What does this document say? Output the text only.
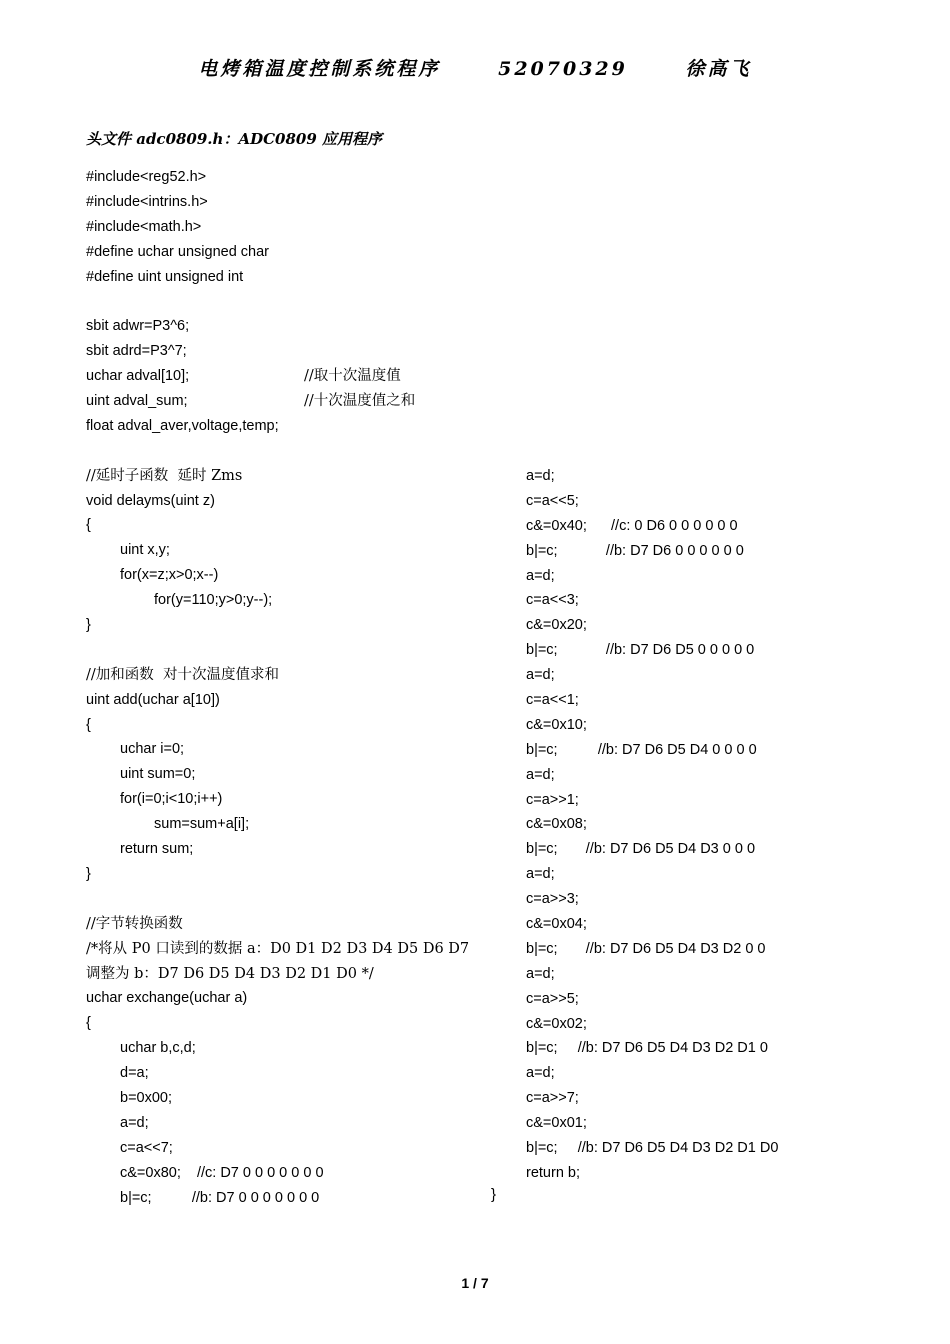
电烤箱温度控制系统程序      52070329      徐高飞
头文件 adc0809.h：ADC0809 应用程序
#include<reg52.h>
#include<intrins.h>
#include<math.h>
#define uchar unsigned char
#define uint unsigned int
sbit adwr=P3^6;
sbit adrd=P3^7;
uchar adval[10];	//取十次温度值
uint adval_sum;	//十次温度值之和
float adval_aver,voltage,temp;
//延时子函数  延时 Zms
void delayms(uint z)
{
uint x,y;
for(x=z;x>0;x--)
for(y=110;y>0;y--);
}
//加和函数  对十次温度值求和
uint add(uchar a[10])
{
uchar i=0;
uint sum=0;
for(i=0;i<10;i++)
sum=sum+a[i];
return sum;
}
//字节转换函数
/*将从 P0 口读到的数据 a：D0 D1 D2 D3 D4 D5 D6 D7
调整为 b：D7 D6 D5 D4 D3 D2 D1 D0 */
uchar exchange(uchar a)
{
uchar b,c,d;
d=a;
b=0x00;
a=d;
c=a<<7;
c&=0x80;    //c: D7 0 0 0 0 0 0 0
b|=c;          //b: D7 0 0 0 0 0 0 0
a=d;
c=a<<5;
c&=0x40;      //c: 0 D6 0 0 0 0 0 0
b|=c;            //b: D7 D6 0 0 0 0 0 0
a=d;
c=a<<3;
c&=0x20;
b|=c;            //b: D7 D6 D5 0 0 0 0 0
a=d;
c=a<<1;
c&=0x10;
b|=c;          //b: D7 D6 D5 D4 0 0 0 0
a=d;
c=a>>1;
c&=0x08;
b|=c;       //b: D7 D6 D5 D4 D3 0 0 0
a=d;
c=a>>3;
c&=0x04;
b|=c;       //b: D7 D6 D5 D4 D3 D2 0 0
a=d;
c=a>>5;
c&=0x02;
b|=c;     //b: D7 D6 D5 D4 D3 D2 D1 0
a=d;
c=a>>7;
c&=0x01;
b|=c;     //b: D7 D6 D5 D4 D3 D2 D1 D0
return b;
}
1 / 7
